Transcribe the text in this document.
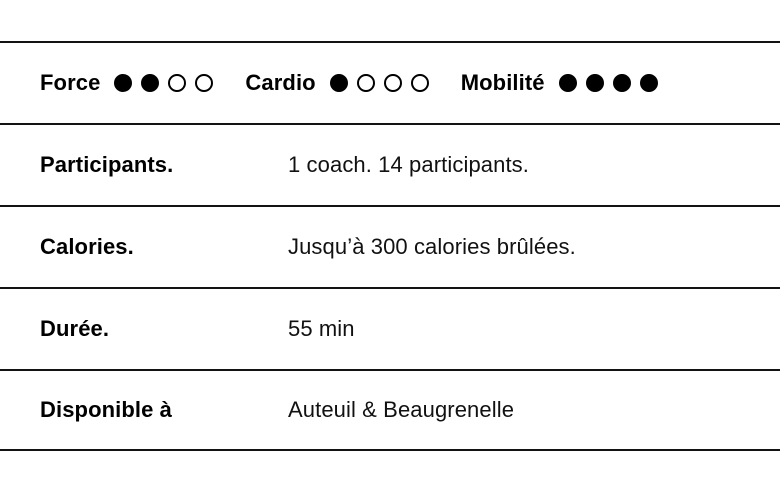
Force	Cardio	Mobilité
Participants.	1 coach. 14 participants.
Calories.	Jusqu’à 300 calories brûlées.
Durée.	55 min
Disponible à	Auteuil & Beaugrenelle
